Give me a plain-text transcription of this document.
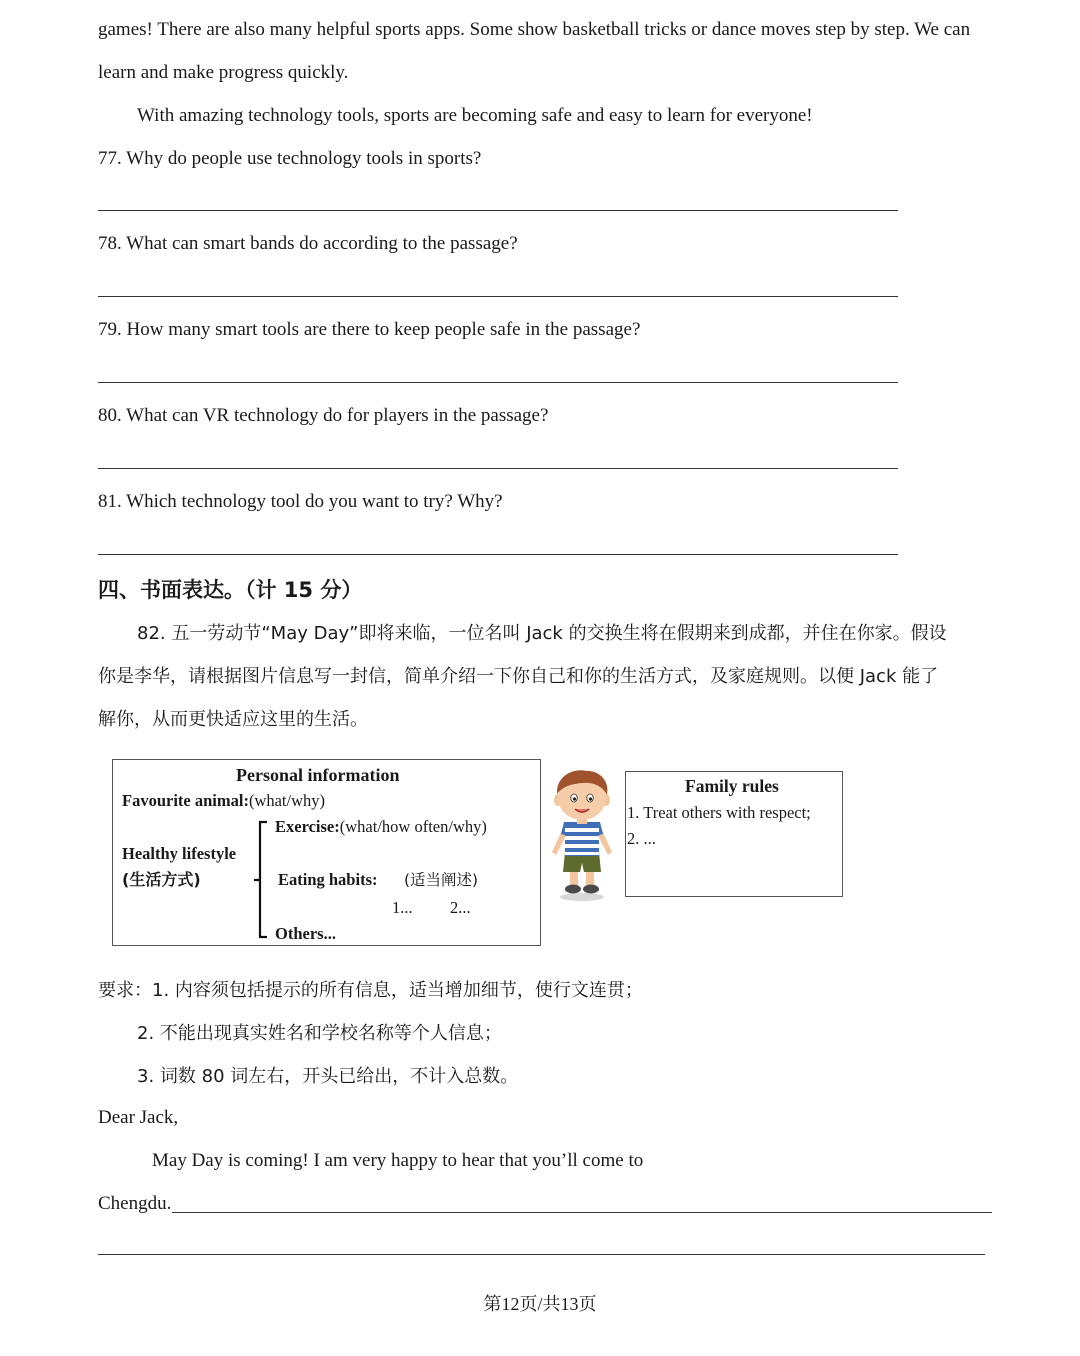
games! There are also many helpful sports apps. Some show basketball tricks or dance moves step by step. We can
learn and make progress quickly.
With amazing technology tools, sports are becoming safe and easy to learn for everyone!
77. Why do people use technology tools in sports?
78. What can smart bands do according to the passage?
79. How many smart tools are there to keep people safe in the passage?
80. What can VR technology do for players in the passage?
81. Which technology tool do you want to try? Why?
四、书面表达。（计 15 分）
82. 五一劳动节“May Day”即将来临，一位名叫 Jack 的交换生将在假期来到成都，并住在你家。假设
你是李华，请根据图片信息写一封信，简单介绍一下你自己和你的生活方式，及家庭规则。以便 Jack 能了
解你，从而更快适应这里的生活。
Personal information
Favourite animal:(what/why)
Healthy lifestyle
(生活方式)
Exercise:(what/how often/why)
Eating habits: (适当阐述)
1... 2...
Others...
Family rules
1. Treat others with respect;
2. ...
要求：1. 内容须包括提示的所有信息，适当增加细节，使行文连贯；
2. 不能出现真实姓名和学校名称等个人信息；
3. 词数 80 词左右，开头已给出，不计入总数。
Dear Jack,
May Day is coming! I am very happy to hear that you’ll come to
Chengdu.
第12页/共13页
